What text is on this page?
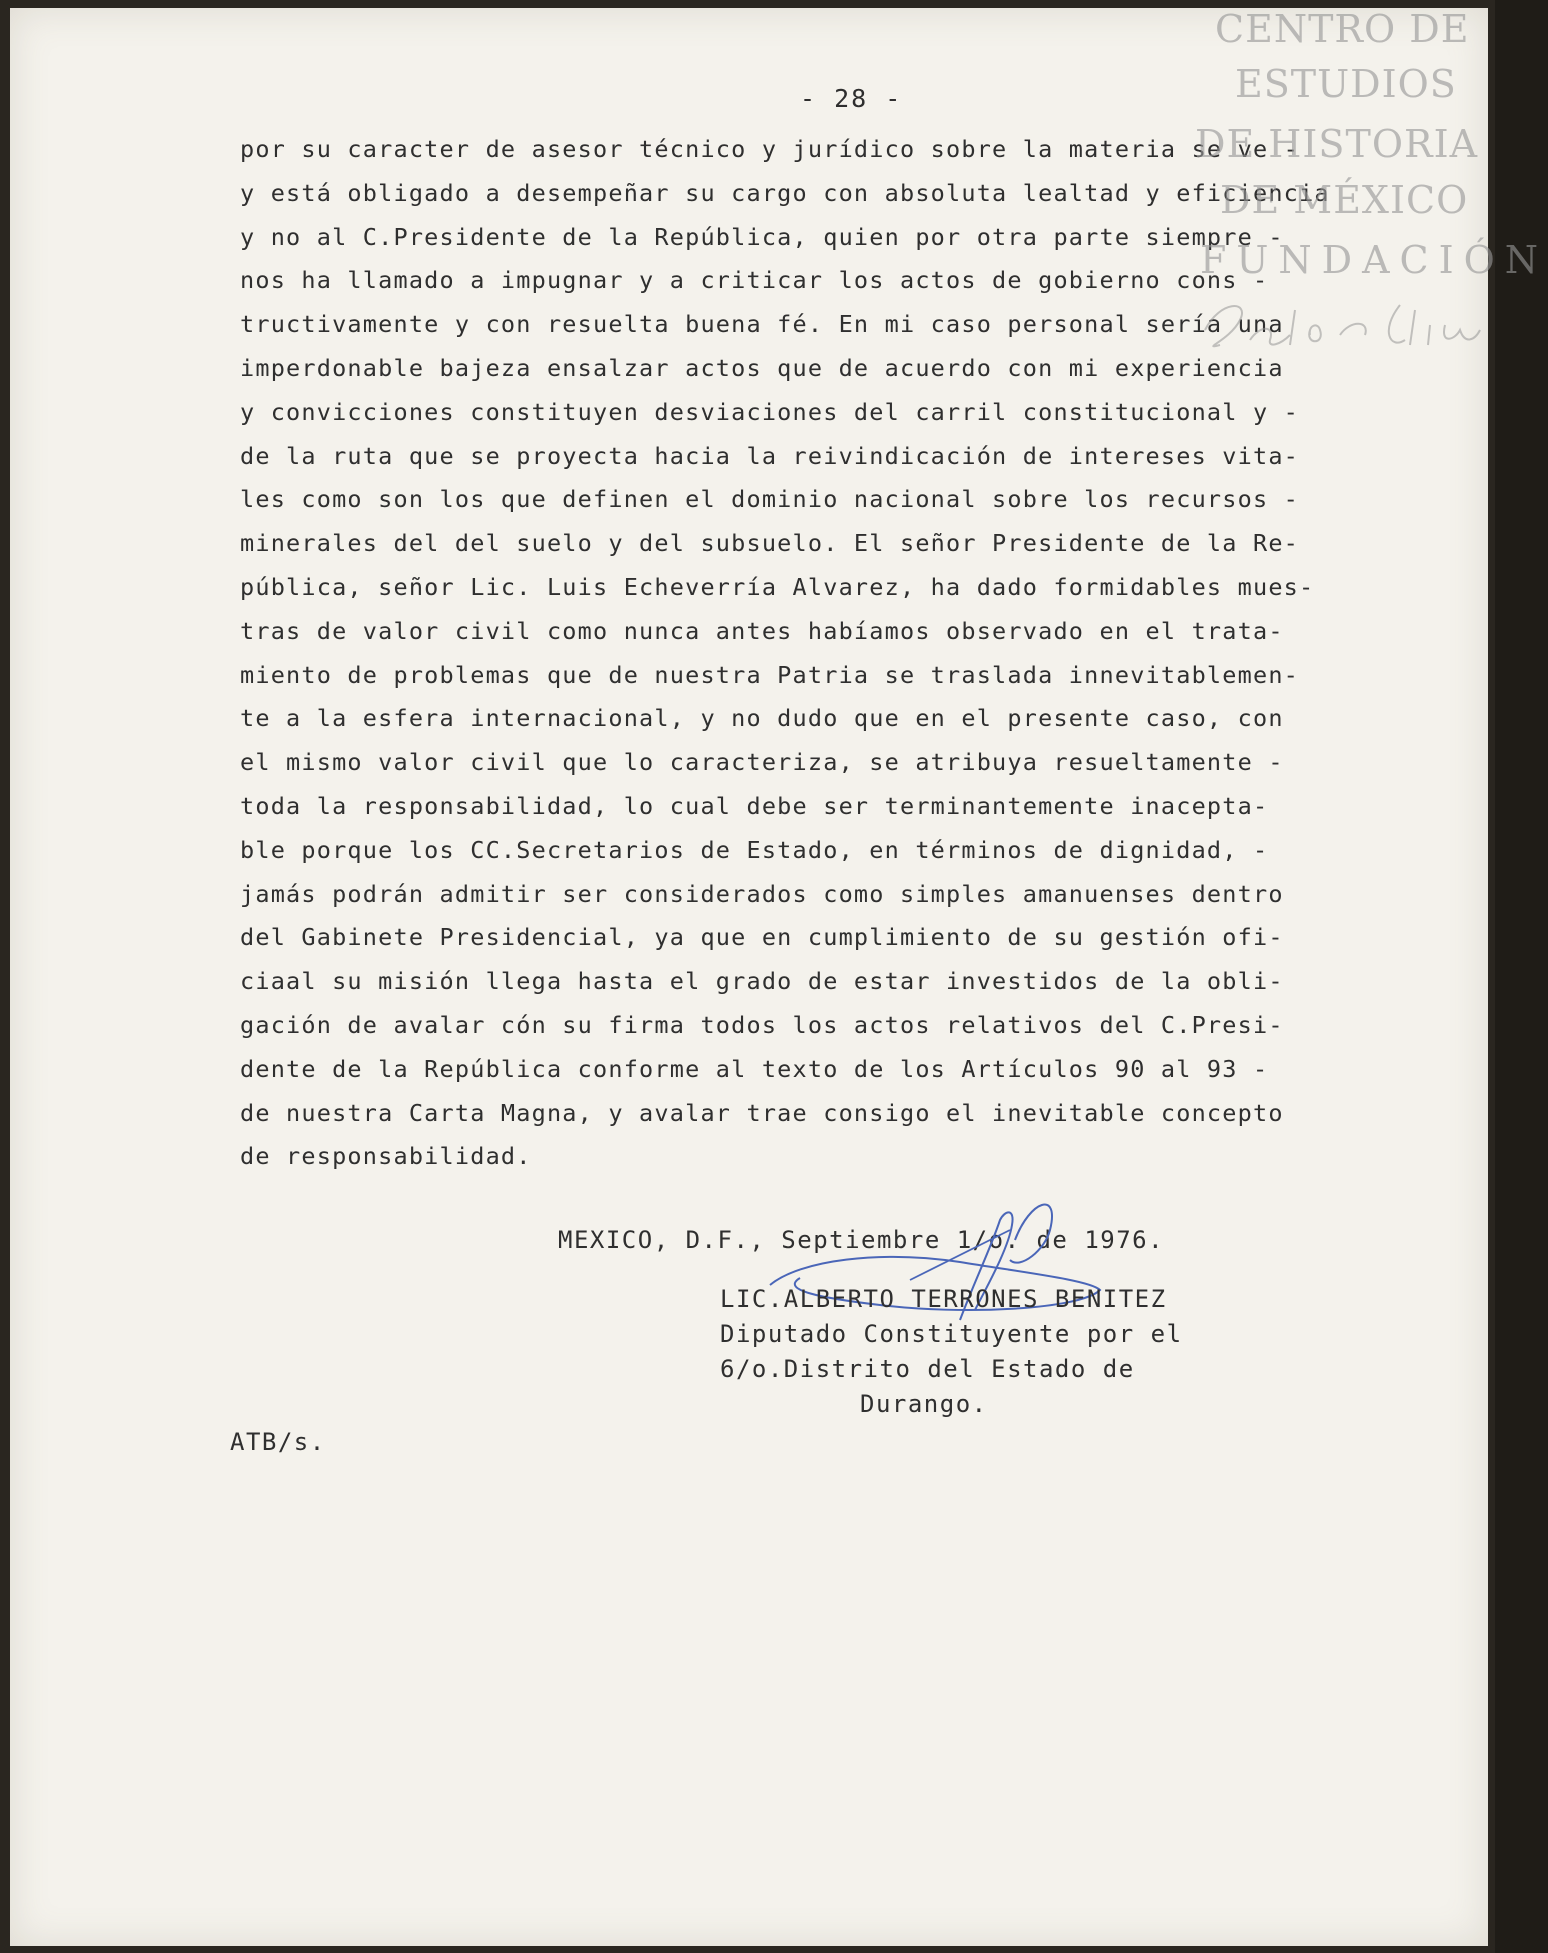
- 28 -
por su caracter de asesor técnico y jurídico sobre la materia se ve -
y está obligado a desempeñar su cargo con absoluta lealtad y eficiencia
y no al C.Presidente de la República, quien por otra parte siempre -
nos ha llamado a impugnar y a criticar los actos de gobierno cons -
tructivamente y con resuelta buena fé. En mi caso personal sería una
imperdonable bajeza ensalzar actos que de acuerdo con mi experiencia
y convicciones constituyen desviaciones del carril constitucional y -
de la ruta que se proyecta hacia la reivindicación de intereses vita-
les como son los que definen el dominio nacional sobre los recursos -
minerales del del suelo y del subsuelo. El señor Presidente de la Re-
pública, señor Lic. Luis Echeverría Alvarez, ha dado formidables mues-
tras de valor civil como nunca antes habíamos observado en el trata-
miento de problemas que de nuestra Patria se traslada innevitablemen-
te a la esfera internacional, y no dudo que en el presente caso, con
el mismo valor civil que lo caracteriza, se atribuya resueltamente -
toda la responsabilidad, lo cual debe ser terminantemente inacepta-
ble porque los CC.Secretarios de Estado, en términos de dignidad, -
jamás podrán admitir ser considerados como simples amanuenses dentro
del Gabinete Presidencial, ya que en cumplimiento de su gestión ofi-
ciaal su misión llega hasta el grado de estar investidos de la obli-
gación de avalar cón su firma todos los actos relativos del C.Presi-
dente de la República conforme al texto de los Artículos 90 al 93 -
de nuestra Carta Magna, y avalar trae consigo el inevitable concepto
de responsabilidad.
MEXICO, D.F., Septiembre 1/o. de 1976.
LIC.ALBERTO TERRONES BENITEZ
Diputado Constituyente por el
6/o.Distrito del Estado de
Durango.
ATB/s.
CENTRO DE
ESTUDIOS
DE HISTORIA
DE MÉXICO
FUNDACIÓN
